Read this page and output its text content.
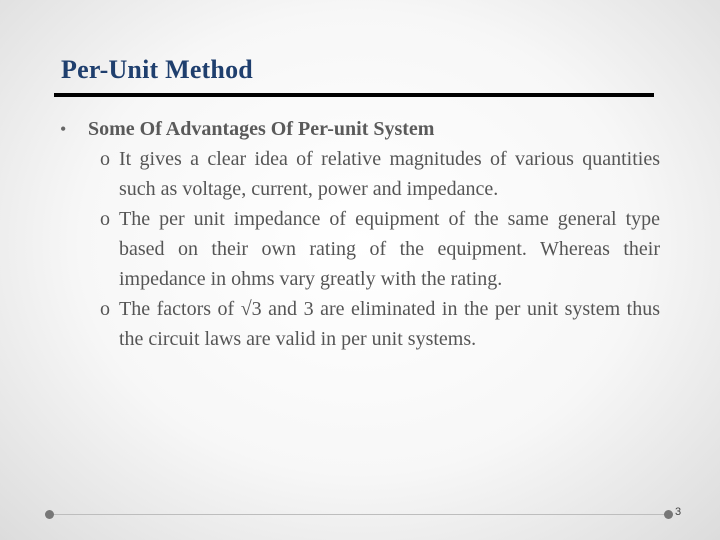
Per-Unit Method
•	Some Of Advantages Of Per-unit System
o It gives a clear idea of relative magnitudes of various quantities such as voltage, current, power and impedance.
o The per unit impedance of equipment of the same general type based on their own rating of the equipment. Whereas their impedance in ohms vary greatly with the rating.
o The factors of √3 and 3 are eliminated in the per unit system thus the circuit laws are valid in per unit systems.
3
